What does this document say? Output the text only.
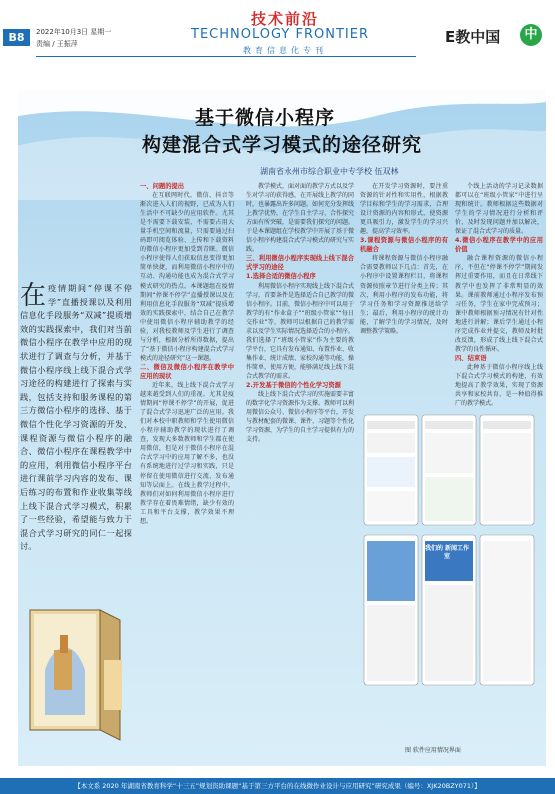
B8	2022年10月3日 星期一
责编 / 王振萍
技术前沿
TECHNOLOGY FRONTIER
教育信息化专刊
E教中国	中
基于微信小程序
构建混合式学习模式的途径研究
湖南省永州市综合职业中专学校 伍双林
在疫情期间“停课不停学”直播授课以及利用信息化手段服务“双减”提质增效的实践探索中，我们对当前微信小程序在教学中应用的现状进行了调查与分析，并基于微信小程序线上线下混合式学习途径的构建进行了探索与实践，包括支持和服务课程的第三方微信小程序的选择、基于微信个性化学习资源的开发、课程资源与微信小程序的融合、微信小程序在课程教学中的应用，利用微信小程序平台进行课前学习内容的发布、课后练习的布置和作业收集等线上线下混合式学习模式，积累了一些经验，希望能与致力于混合式学习研究的同仁一起探讨。
一、问题的提出
在互联网时代，微信、抖音等渐次进入人们的视野，已成为人们生活中不可缺少的应用软件。尤其是不需要下载安装、不需要占用大量手机空间和流量，只需要通过扫码即可阅览体验、上传和下载资料的微信小程序更加受到青睐。微信小程序使得人们获取信息变得更加简单快捷，而利用微信小程序中的互动、沟通功能也成为混合式学习模式研究的热点。本课题组在疫情期间“停课不停学”直播授课以及在利用信息化手段服务“双减”提质增效的实践探索中，结合自己在教学中使用微信小程序辅助教学的经验，对我校教师及学生进行了调查与分析，根据分析所得数据，提出了“基于微信小程序构建混合式学习模式的途径研究”这一课题。
二、微信及微信小程序在教学中应用的现状
近年来，线上线下混合式学习越来越受到人们的重视。尤其是疫情期间“停课不停学”的开展，促进了混合式学习迅速广泛的应用。我们对本校中职教师和学生使用微信小程序辅助教学的现状进行了调查，发现大多数教师和学生都在使用微信，但是对于微信小程序在混合式学习中的应用了解不多，也没有系统地进行过学习和实践，只是停留在使用微信进行交流、发布通知等层面上。在线上教学过程中，教师们对如何利用微信小程序进行教学存在着畏难情绪，缺少有效的工具和平台支撑，教学效果不理想。
教学模式，面对面的教学方式以及学生对学习的获得感，在开展线上教学的同时，也暴露出许多问题。如何充分发挥线上教学优势，在学生自主学习、合作探究方面有所突破，是需要我们探究的问题。于是本课题组在学校教学中开展了基于微信小程序构建混合式学习模式的研究与实践。
三、利用微信小程序实现线上线下混合式学习的途径
1.选择合适的微信小程序
利用微信小程序实现线上线下混合式学习，首要条件是选择适合自己教学的微信小程序。目前，微信小程序中可以用于教学的有“作业盒子”“班级小管家”“每日交作业”等，教师可以根据自己的教学需求以及学生实际情况选择适合的小程序。我们选择了“班级小管家”作为主要的教学平台，它具有发布通知、布置作业、收集作业、统计成绩、家校沟通等功能，操作简单，使用方便，能够满足线上线下混合式教学的需求。
2.开发基于微信的个性化学习资源
线上线下混合式学习的实施需要丰富的数字化学习资源作为支撑。教师可以利用微信公众号、微信小程序等平台，开发与教材配套的微课、课件、习题等个性化学习资源，为学生的自主学习提供有力的支持。
在开发学习资源时，要注重资源的针对性和实用性，根据教学目标和学生的学习需求，合理设计资源的内容和形式，使资源更具吸引力，激发学生的学习兴趣，提高学习效率。
3.课程资源与微信小程序的有机融合
将课程资源与微信小程序融合需要教师以下几点：首先，在小程序中设置课程栏目，将课程资源按照章节进行分类上传；其次，利用小程序的发布功能，将学习任务和学习资源推送给学生；最后，利用小程序的统计功能，了解学生的学习情况，及时调整教学策略。
个线上活动的学习记录数据都可以在“班级小管家”中进行呈现和统计。教师根据这些数据对学生的学习情况进行分析和评价，及时发现问题并加以解决，保证了混合式学习的质量。
4.微信小程序在教学中的应用价值
融合课程资源的微信小程序，不但在“停课不停学”期间发挥过重要作用，而且在日常线下教学中也发挥了非常明显的效果。课前教师通过小程序发布预习任务，学生在家中完成预习；课中教师根据预习情况有针对性地进行讲解；课后学生通过小程序完成作业并提交，教师及时批改反馈，形成了线上线下混合式教学的良性循环。
四、结束语
此种基于微信小程序线上线下混合式学习模式的构建，有效地提高了教学效果，实现了资源共享和家校共育，是一种值得推广的教学模式。
我们的 新闻工作室
图 软件应用情况界面
【本文系 2020 年湖南省教育科学“十三五”规划资助课题“基于第三方平台的在线微作业设计与应用研究”研究成果（编号：XJK20BZY071）】
